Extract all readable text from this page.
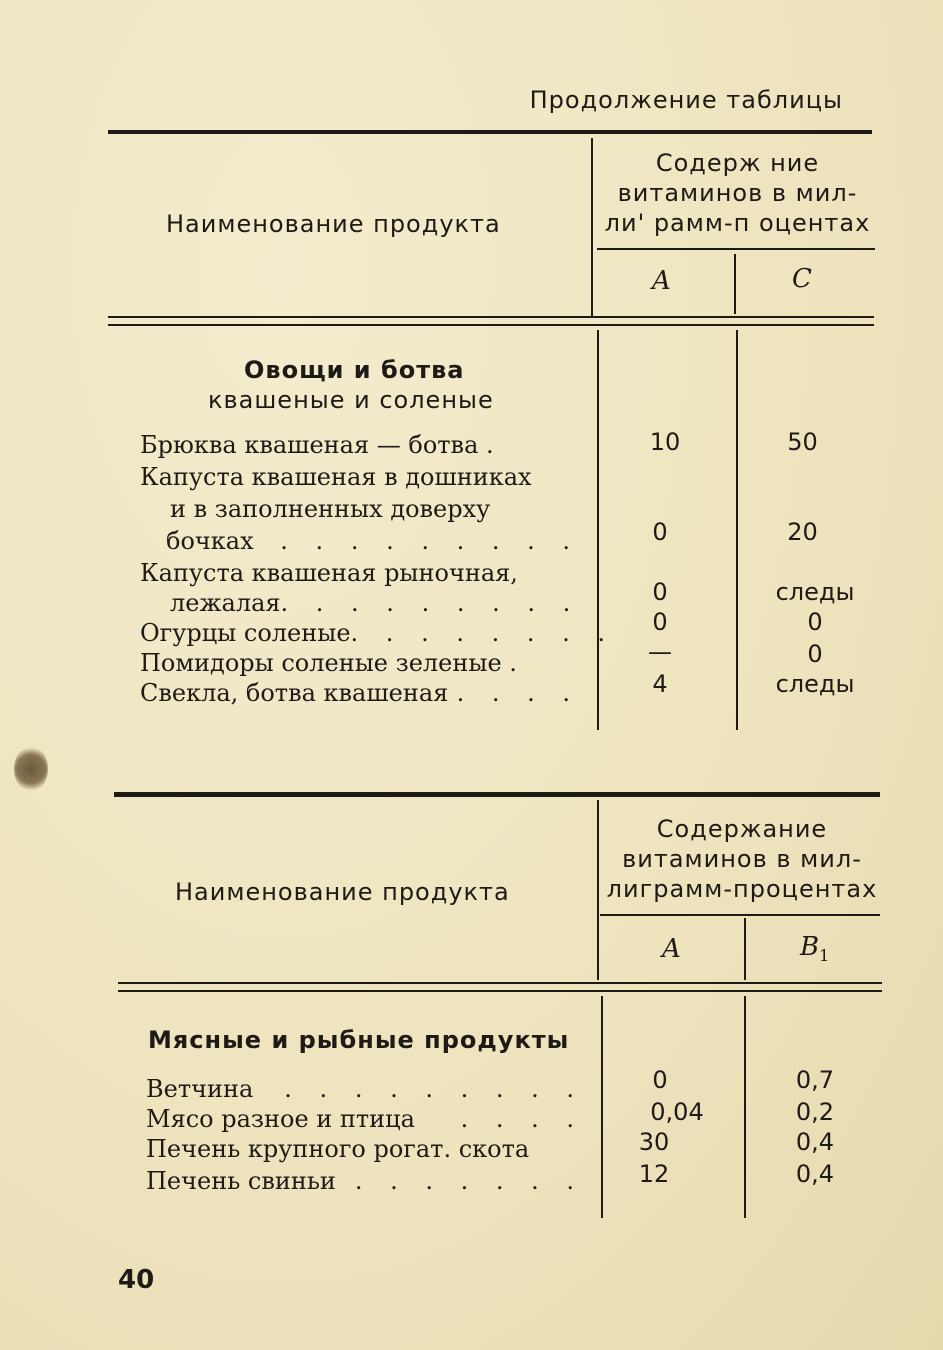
Продолжение таблицы
Наименование продукта
Содерж ние
витаминов в мил-
ли' рамм-п оцентах
A	C
Овощи и ботва
квашеные и соленые
Брюква квашеная — ботва .	10	50
Капуста квашеная в дошниках
и в заполненных доверху
бочках	. . . . . . . . .	0	20
Капуста квашеная рыночная,
лежалая . . . . . . . . .	0	следы
Огурцы соленые . . . . . . . .	0	0
Помидоры соленые зеленые .	—	0
Свекла, ботва квашеная . . . .	4	следы
Наименование продукта
Содержание
витаминов в мил-
лиграмм-процентах
A	$B_1$
Мясные и рыбные продукты
Ветчина	. . . . . . . . .	0	0,7
Мясо разное и птица	. . . .	0,04	0,2
Печень крупного рогат. скота	30	0,4
Печень свиньи . . . . . . .	12	0,4
40
